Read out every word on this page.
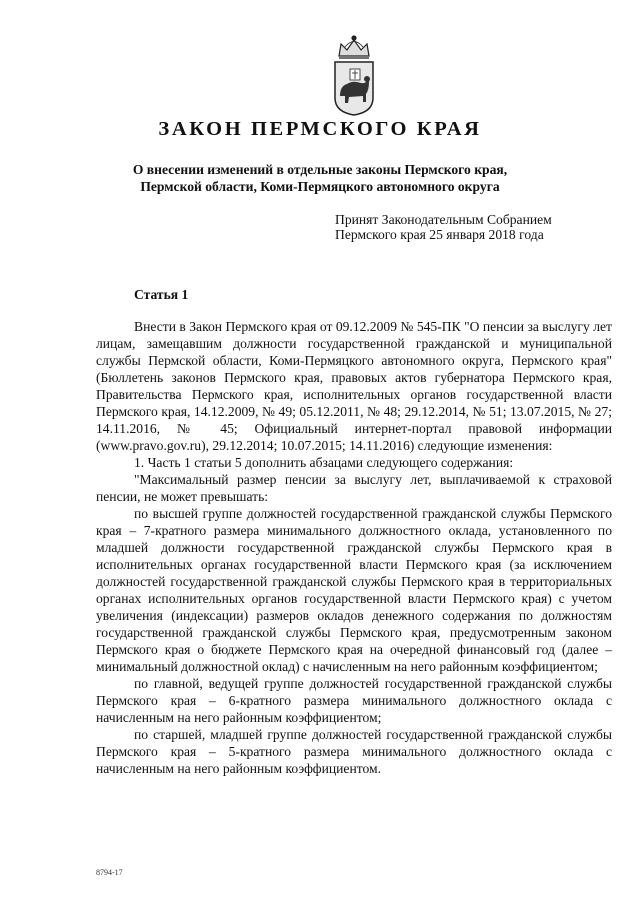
ЗАКОН ПЕРМСКОГО КРАЯ
О внесении изменений в отдельные законы Пермского края,
Пермской области, Коми-Пермяцкого автономного округа
Принят Законодательным Собранием
Пермского края 25 января 2018 года
Статья 1

Внести в Закон Пермского края от 09.12.2009 № 545-ПК "О пенсии за выслугу лет лицам, замещавшим должности государственной гражданской и муниципальной службы Пермской области, Коми-Пермяцкого автономного округа, Пермского края" (Бюллетень законов Пермского края, правовых актов губернатора Пермского края, Правительства Пермского края, исполнительных органов государственной власти Пермского края, 14.12.2009, № 49; 05.12.2011, № 48; 29.12.2014, № 51; 13.07.2015, № 27; 14.11.2016, № 45; Официальный интернет-портал правовой информации (www.pravo.gov.ru), 29.12.2014; 10.07.2015; 14.11.2016) следующие изменения:

1. Часть 1 статьи 5 дополнить абзацами следующего содержания:

"Максимальный размер пенсии за выслугу лет, выплачиваемой к страховой пенсии, не может превышать:

по высшей группе должностей государственной гражданской службы Пермского края – 7-кратного размера минимального должностного оклада, установленного по младшей должности государственной гражданской службы Пермского края в исполнительных органах государственной власти Пермского края (за исключением должностей государственной гражданской службы Пермского края в территориальных органах исполнительных органов государственной власти Пермского края) с учетом увеличения (индексации) размеров окладов денежного содержания по должностям государственной гражданской службы Пермского края, предусмотренным законом Пермского края о бюджете Пермского края на очередной финансовый год (далее – минимальный должностной оклад) с начисленным на него районным коэффициентом;

по главной, ведущей группе должностей государственной гражданской службы Пермского края – 6-кратного размера минимального должностного оклада с начисленным на него районным коэффициентом;

по старшей, младшей группе должностей государственной гражданской службы Пермского края – 5-кратного размера минимального должностного оклада с начисленным на него районным коэффициентом.

8794-17
